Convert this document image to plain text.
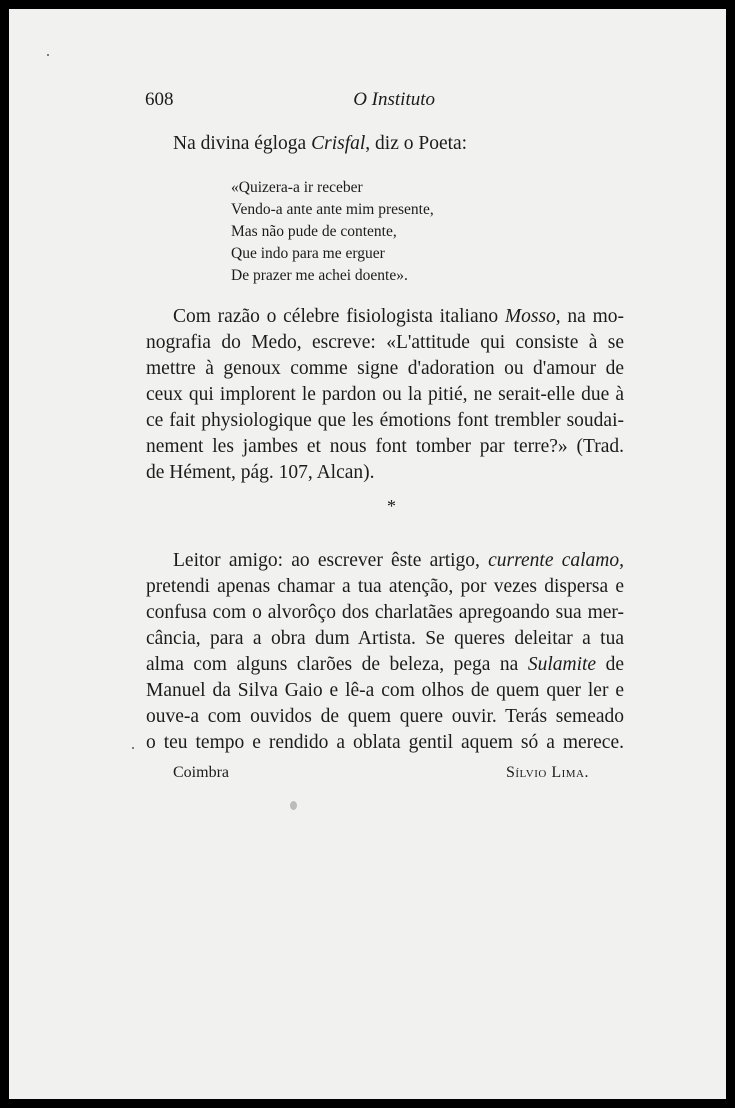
608	O Instituto
Na divina égloga Crisfal, diz o Poeta:
«Quizera-a ir receber
Vendo-a ante ante mim presente,
Mas não pude de contente,
Que indo para me erguer
De prazer me achei doente».
Com razão o célebre fisiologista italiano Mosso, na mo-
nografia do Medo, escreve: «L'attitude qui consiste à se
mettre à genoux comme signe d'adoration ou d'amour de
ceux qui implorent le pardon ou la pitié, ne serait-elle due à
ce fait physiologique que les émotions font trembler soudai-
nement les jambes et nous font tomber par terre?» (Trad.
de Hément, pág. 107, Alcan).
*
Leitor amigo: ao escrever êste artigo, currente calamo,
pretendi apenas chamar a tua atenção, por vezes dispersa e
confusa com o alvorôço dos charlatães apregoando sua mer-
cância, para a obra dum Artista. Se queres deleitar a tua
alma com alguns clarões de beleza, pega na Sulamite de
Manuel da Silva Gaio e lê-a com olhos de quem quer ler e
ouve-a com ouvidos de quem quere ouvir. Terás semeado
o teu tempo e rendido a oblata gentil aquem só a merece.
Coimbra	Sílvio Lima.
